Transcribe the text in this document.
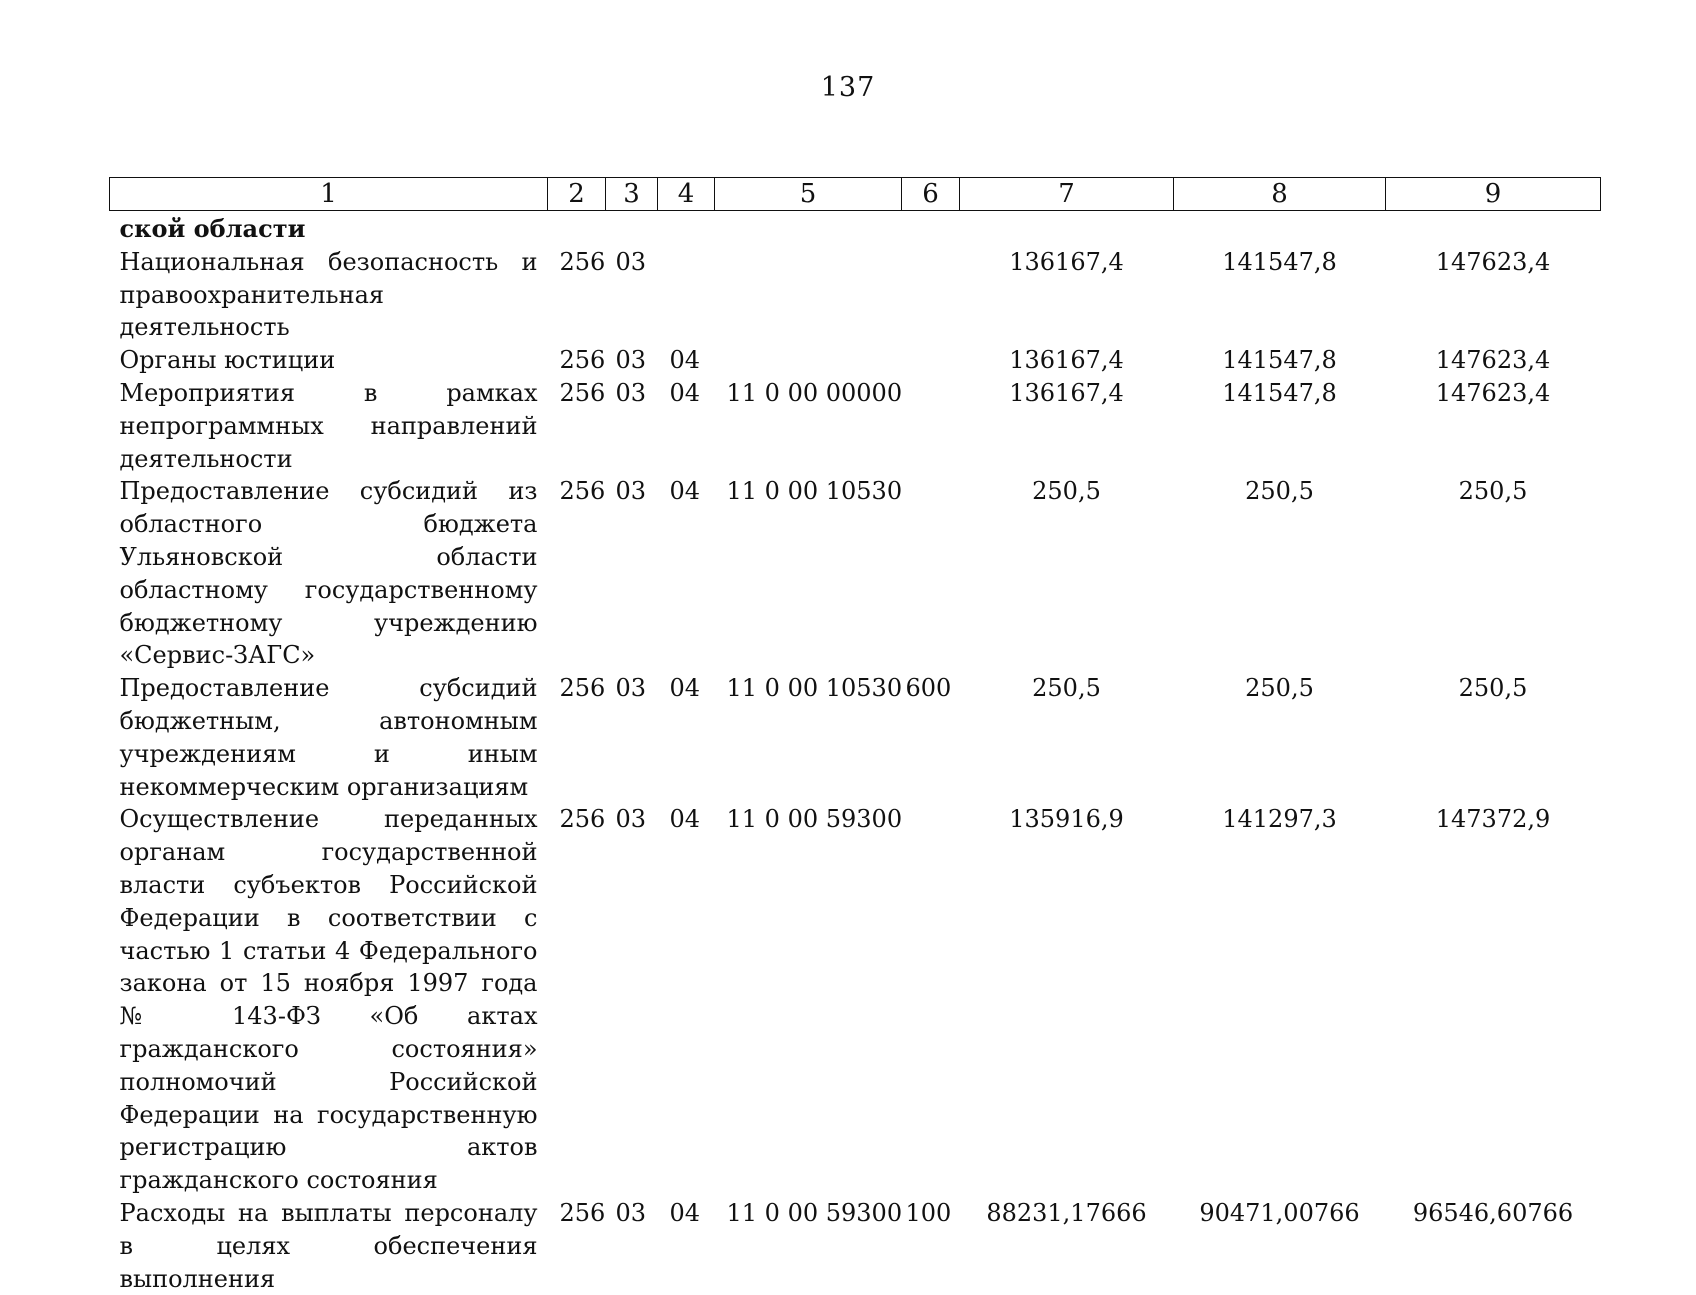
137
1	2	3	4	5	6	7	8	9
ской области								
Национальная безопасность и правоохранительная деятельность	256	03				136167,4	141547,8	147623,4
Органы юстиции	256	03	04			136167,4	141547,8	147623,4
Мероприятия в рамках непрограммных направлений деятельности	256	03	04	11 0 00 00000		136167,4	141547,8	147623,4
Предоставление субсидий из областного бюджета Ульяновской области областному государственному бюджетному учреждению «Сервис-ЗАГС»	256	03	04	11 0 00 10530		250,5	250,5	250,5
Предоставление субсидий бюджетным, автономным учреждениям и иным некоммерческим организациям	256	03	04	11 0 00 10530	600	250,5	250,5	250,5
Осуществление переданных органам государственной власти субъектов Российской Федерации в соответствии с частью 1 статьи 4 Федерального закона от 15 ноября 1997 года № 143-ФЗ «Об актах гражданского состояния» полномочий Российской Федерации на государственную регистрацию актов гражданского состояния	256	03	04	11 0 00 59300		135916,9	141297,3	147372,9
Расходы на выплаты персоналу в целях обеспечения выполнения	256	03	04	11 0 00 59300	100	88231,17666	90471,00766	96546,60766
